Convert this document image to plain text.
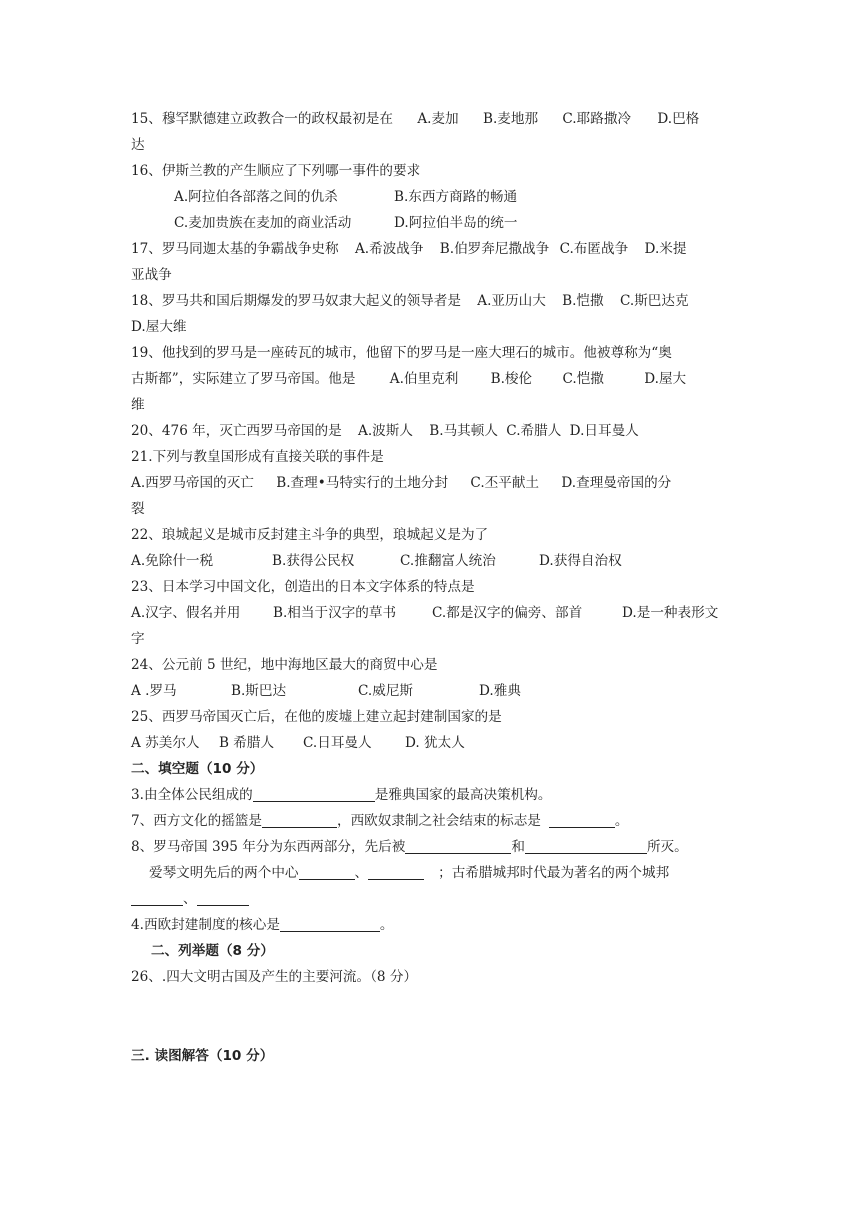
15、穆罕默德建立政教合一的政权最初是在 A.麦加 B.麦地那 C.耶路撒冷 D.巴格
达
16、伊斯兰教的产生顺应了下列哪一事件的要求
A.阿拉伯各部落之间的仇杀	B.东西方商路的畅通
C.麦加贵族在麦加的商业活动	D.阿拉伯半岛的统一
17、罗马同迦太基的争霸战争史称 A.希波战争 B.伯罗奔尼撒战争 C.布匿战争 D.米提
亚战争
18、罗马共和国后期爆发的罗马奴隶大起义的领导者是 A.亚历山大 B.恺撒 C.斯巴达克
D.屋大维
19、他找到的罗马是一座砖瓦的城市，他留下的罗马是一座大理石的城市。他被尊称为“奥
古斯都”，实际建立了罗马帝国。他是	A.伯里克利 B.梭伦 C.恺撒	D.屋大
维
20、476 年，灭亡西罗马帝国的是 A.波斯人 B.马其顿人 C.希腊人 D.日耳曼人
21.下列与教皇国形成有直接关联的事件是
A.西罗马帝国的灭亡 B.查理•马特实行的土地分封 C.丕平献土 D.查理曼帝国的分
裂
22、琅城起义是城市反封建主斗争的典型，琅城起义是为了
A.免除什一税	B.获得公民权	C.推翻富人统治	D.获得自治权
23、日本学习中国文化，创造出的日本文字体系的特点是
A.汉字、假名并用 B.相当于汉字的草书	C.都是汉字的偏旁、部首	D.是一种表形文
字
24、公元前 5 世纪，地中海地区最大的商贸中心是
A .罗马	B.斯巴达	C.威尼斯	D.雅典
25、西罗马帝国灭亡后，在他的废墟上建立起封建制国家的是
A 苏美尔人 B 希腊人 C.日耳曼人 D. 犹太人
二、填空题（10 分）
3.由全体公民组成的	是雅典国家的最高决策机构。
7、西方文化的摇篮是	，西欧奴隶制之社会结束的标志是	。
8、罗马帝国 395 年分为东西两部分，先后被	和	所灭。
爱琴文明先后的两个中心	、	；古希腊城邦时代最为著名的两个城邦
、
4.西欧封建制度的核心是	。
二、列举题（8 分）
26、.四大文明古国及产生的主要河流。（8 分）
三. 读图解答（10 分）
